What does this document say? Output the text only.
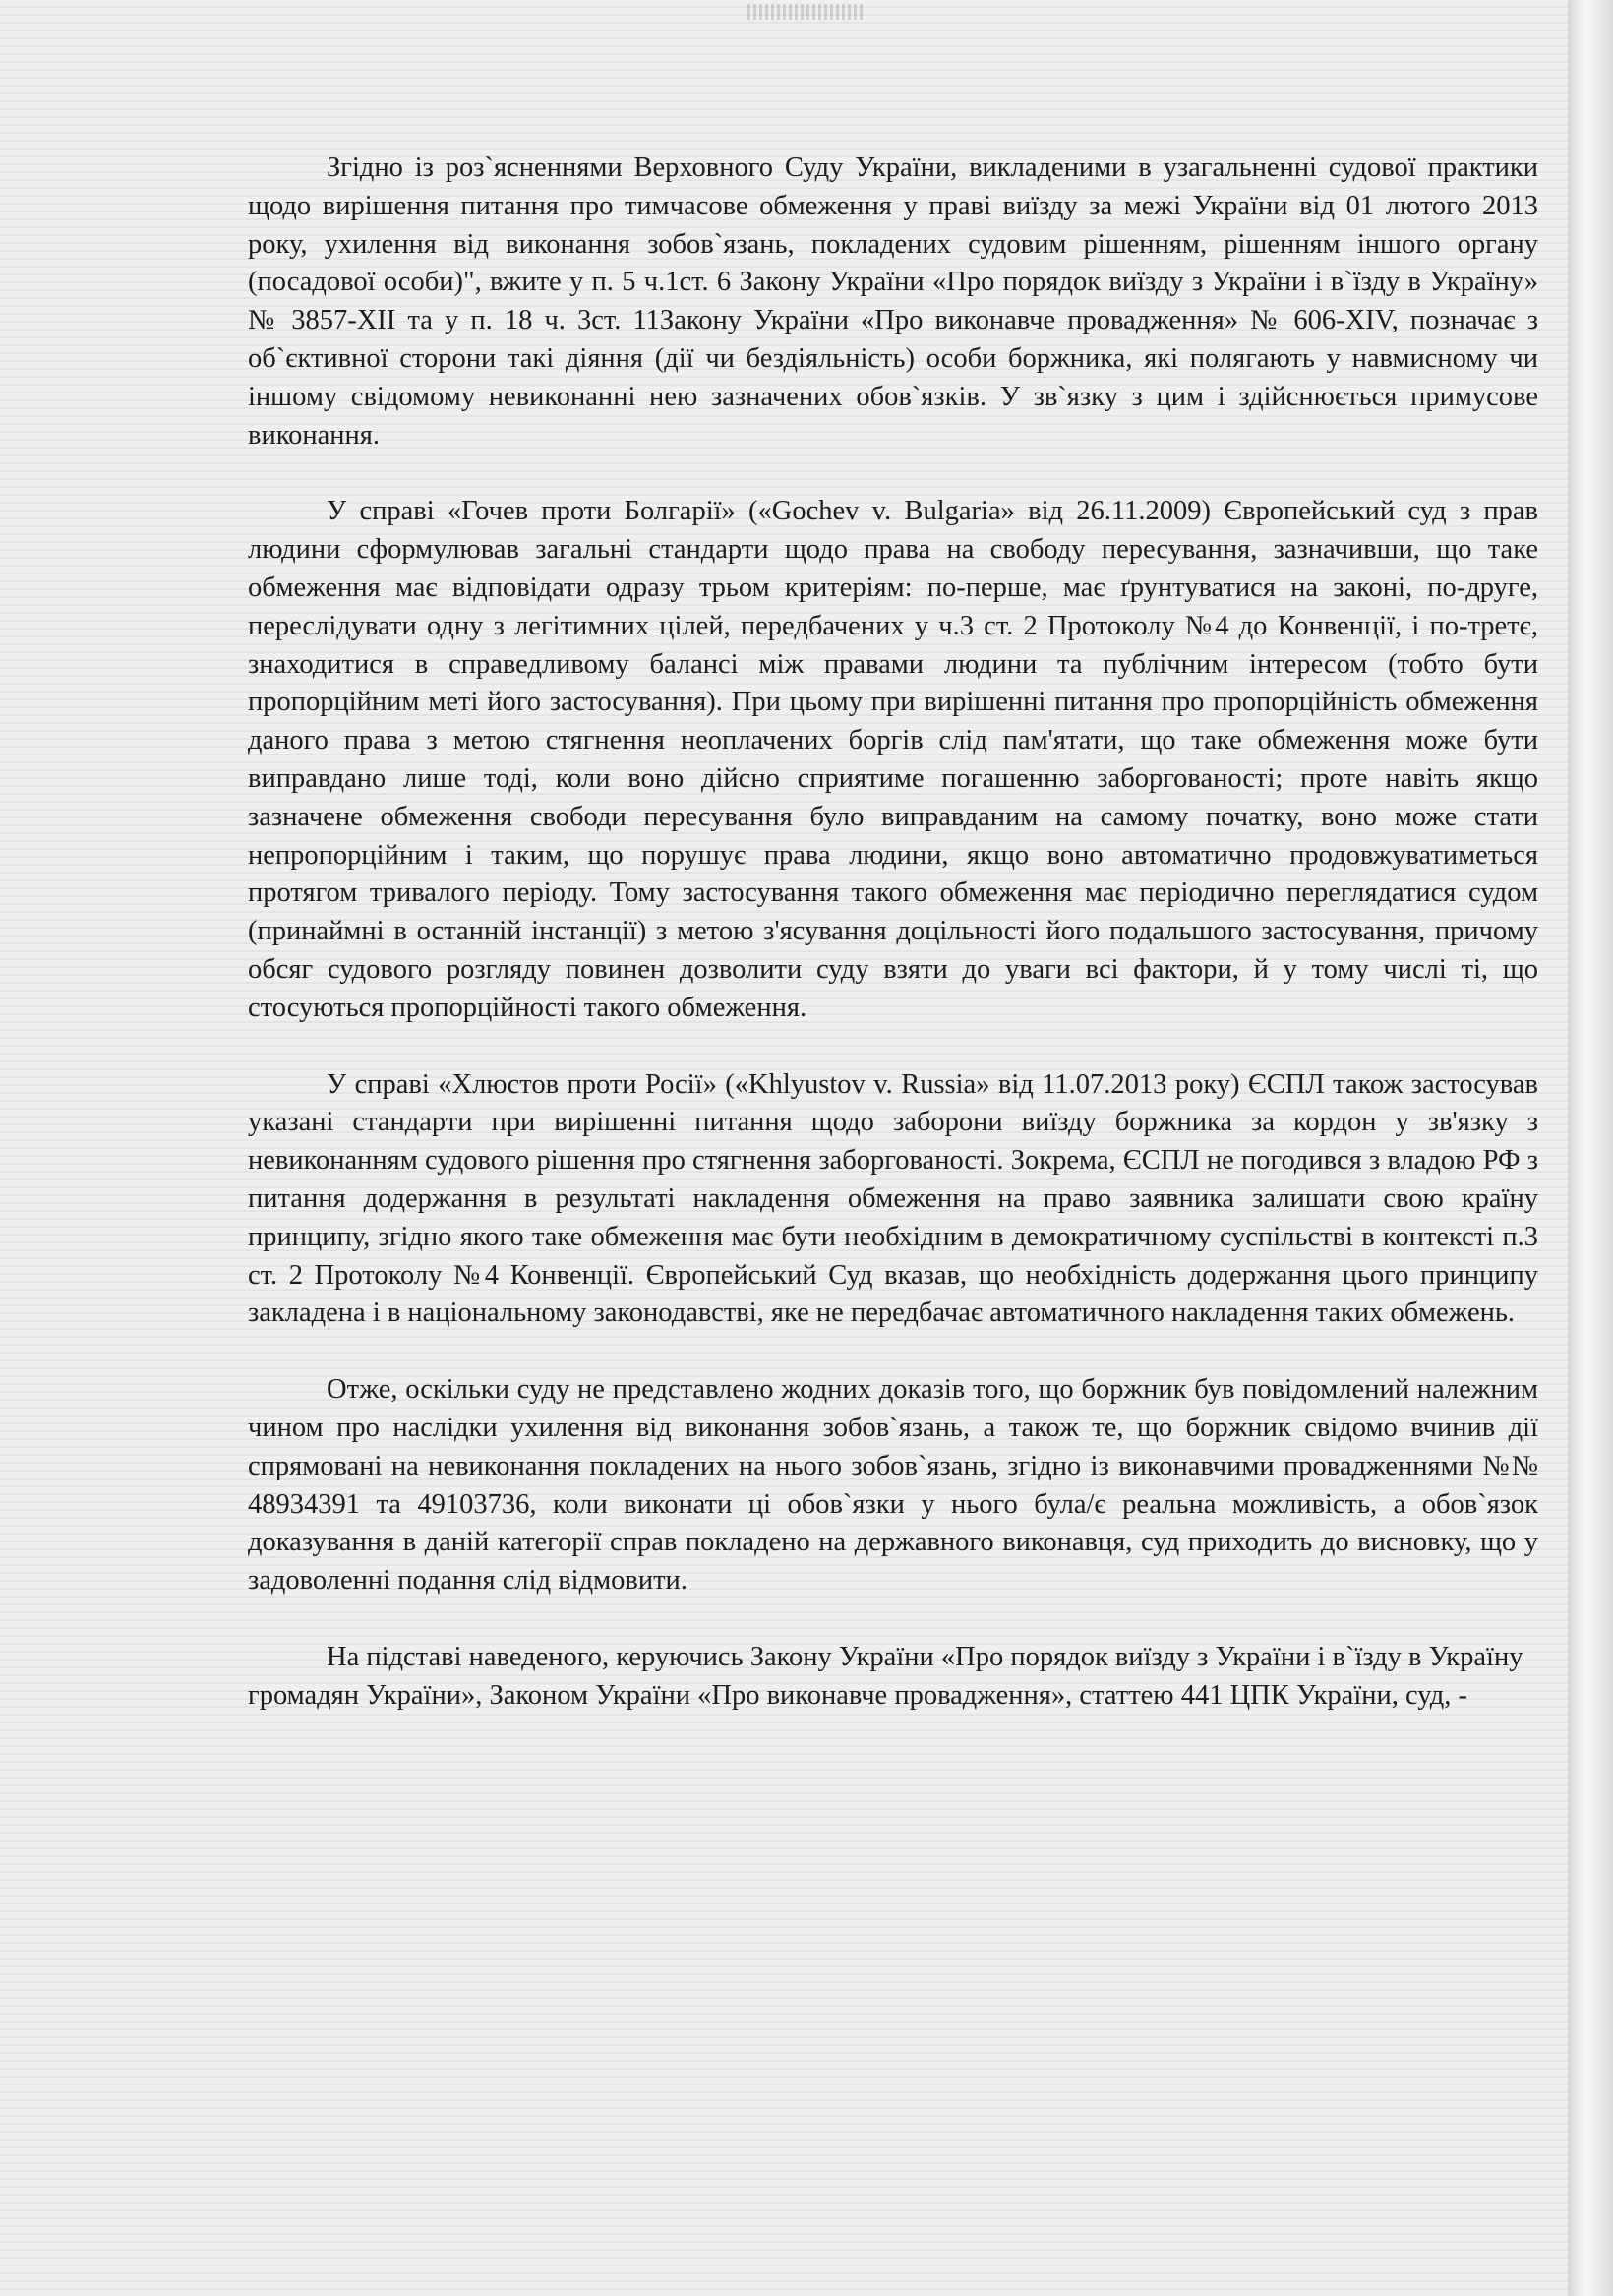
Згідно із роз`ясненнями Верховного Суду України, викладеними в узагальненні судової практики щодо вирішення питання про тимчасове обмеження у праві виїзду за межі України від 01 лютого 2013 року, ухилення від виконання зобов`язань, покладених судовим рішенням, рішенням іншого органу (посадової особи)", вжите у п. 5 ч.1ст. 6 Закону України «Про порядок виїзду з України і в`їзду в Україну» № 3857-XII та у п. 18 ч. 3ст. 11Закону України «Про виконавче провадження» № 606-XIV, позначає з об`єктивної сторони такі діяння (дії чи бездіяльність) особи боржника, які полягають у навмисному чи іншому свідомому невиконанні нею зазначених обов`язків. У зв`язку з цим і здійснюється примусове виконання.

У справі «Гочев проти Болгарії» («Gochev v. Bulgaria» від 26.11.2009) Європейський суд з прав людини сформулював загальні стандарти щодо права на свободу пересування, зазначивши, що таке обмеження має відповідати одразу трьом критеріям: по-перше, має ґрунтуватися на законі, по-друге, переслідувати одну з легітимних цілей, передбачених у ч.3 ст. 2 Протоколу №4 до Конвенції, і по-третє, знаходитися в справедливому балансі між правами людини та публічним інтересом (тобто бути пропорційним меті його застосування). При цьому при вирішенні питання про пропорційність обмеження даного права з метою стягнення неоплачених боргів слід пам'ятати, що таке обмеження може бути виправдано лише тоді, коли воно дійсно сприятиме погашенню заборгованості; проте навіть якщо зазначене обмеження свободи пересування було виправданим на самому початку, воно може стати непропорційним і таким, що порушує права людини, якщо воно автоматично продовжуватиметься протягом тривалого періоду. Тому застосування такого обмеження має періодично переглядатися судом (принаймні в останній інстанції) з метою з'ясування доцільності його подальшого застосування, причому обсяг судового розгляду повинен дозволити суду взяти до уваги всі фактори, й у тому числі ті, що стосуються пропорційності такого обмеження.

У справі «Хлюстов проти Росії» («Khlyustov v. Russia» від 11.07.2013 року) ЄСПЛ також застосував указані стандарти при вирішенні питання щодо заборони виїзду боржника за кордон у зв'язку з невиконанням судового рішення про стягнення заборгованості. Зокрема, ЄСПЛ не погодився з владою РФ з питання додержання в результаті накладення обмеження на право заявника залишати свою країну принципу, згідно якого таке обмеження має бути необхідним в демократичному суспільстві в контексті п.3 ст. 2 Протоколу №4 Конвенції. Європейський Суд вказав, що необхідність додержання цього принципу закладена і в національному законодавстві, яке не передбачає автоматичного накладення таких обмежень.

Отже, оскільки суду не представлено жодних доказів того, що боржник був повідомлений належним чином про наслідки ухилення від виконання зобов`язань, а також те, що боржник свідомо вчинив дії спрямовані на невиконання покладених на нього зобов`язань, згідно із виконавчими провадженнями №№ 48934391 та 49103736, коли виконати ці обов`язки у нього була/є реальна можливість, а обов`язок доказування в даній категорії справ покладено на державного виконавця, суд приходить до висновку, що у задоволенні подання слід відмовити.

На підставі наведеного, керуючись Закону України «Про порядок виїзду з України і в`їзду в Україну громадян України», Законом України «Про виконавче провадження», статтею 441 ЦПК України, суд, -
